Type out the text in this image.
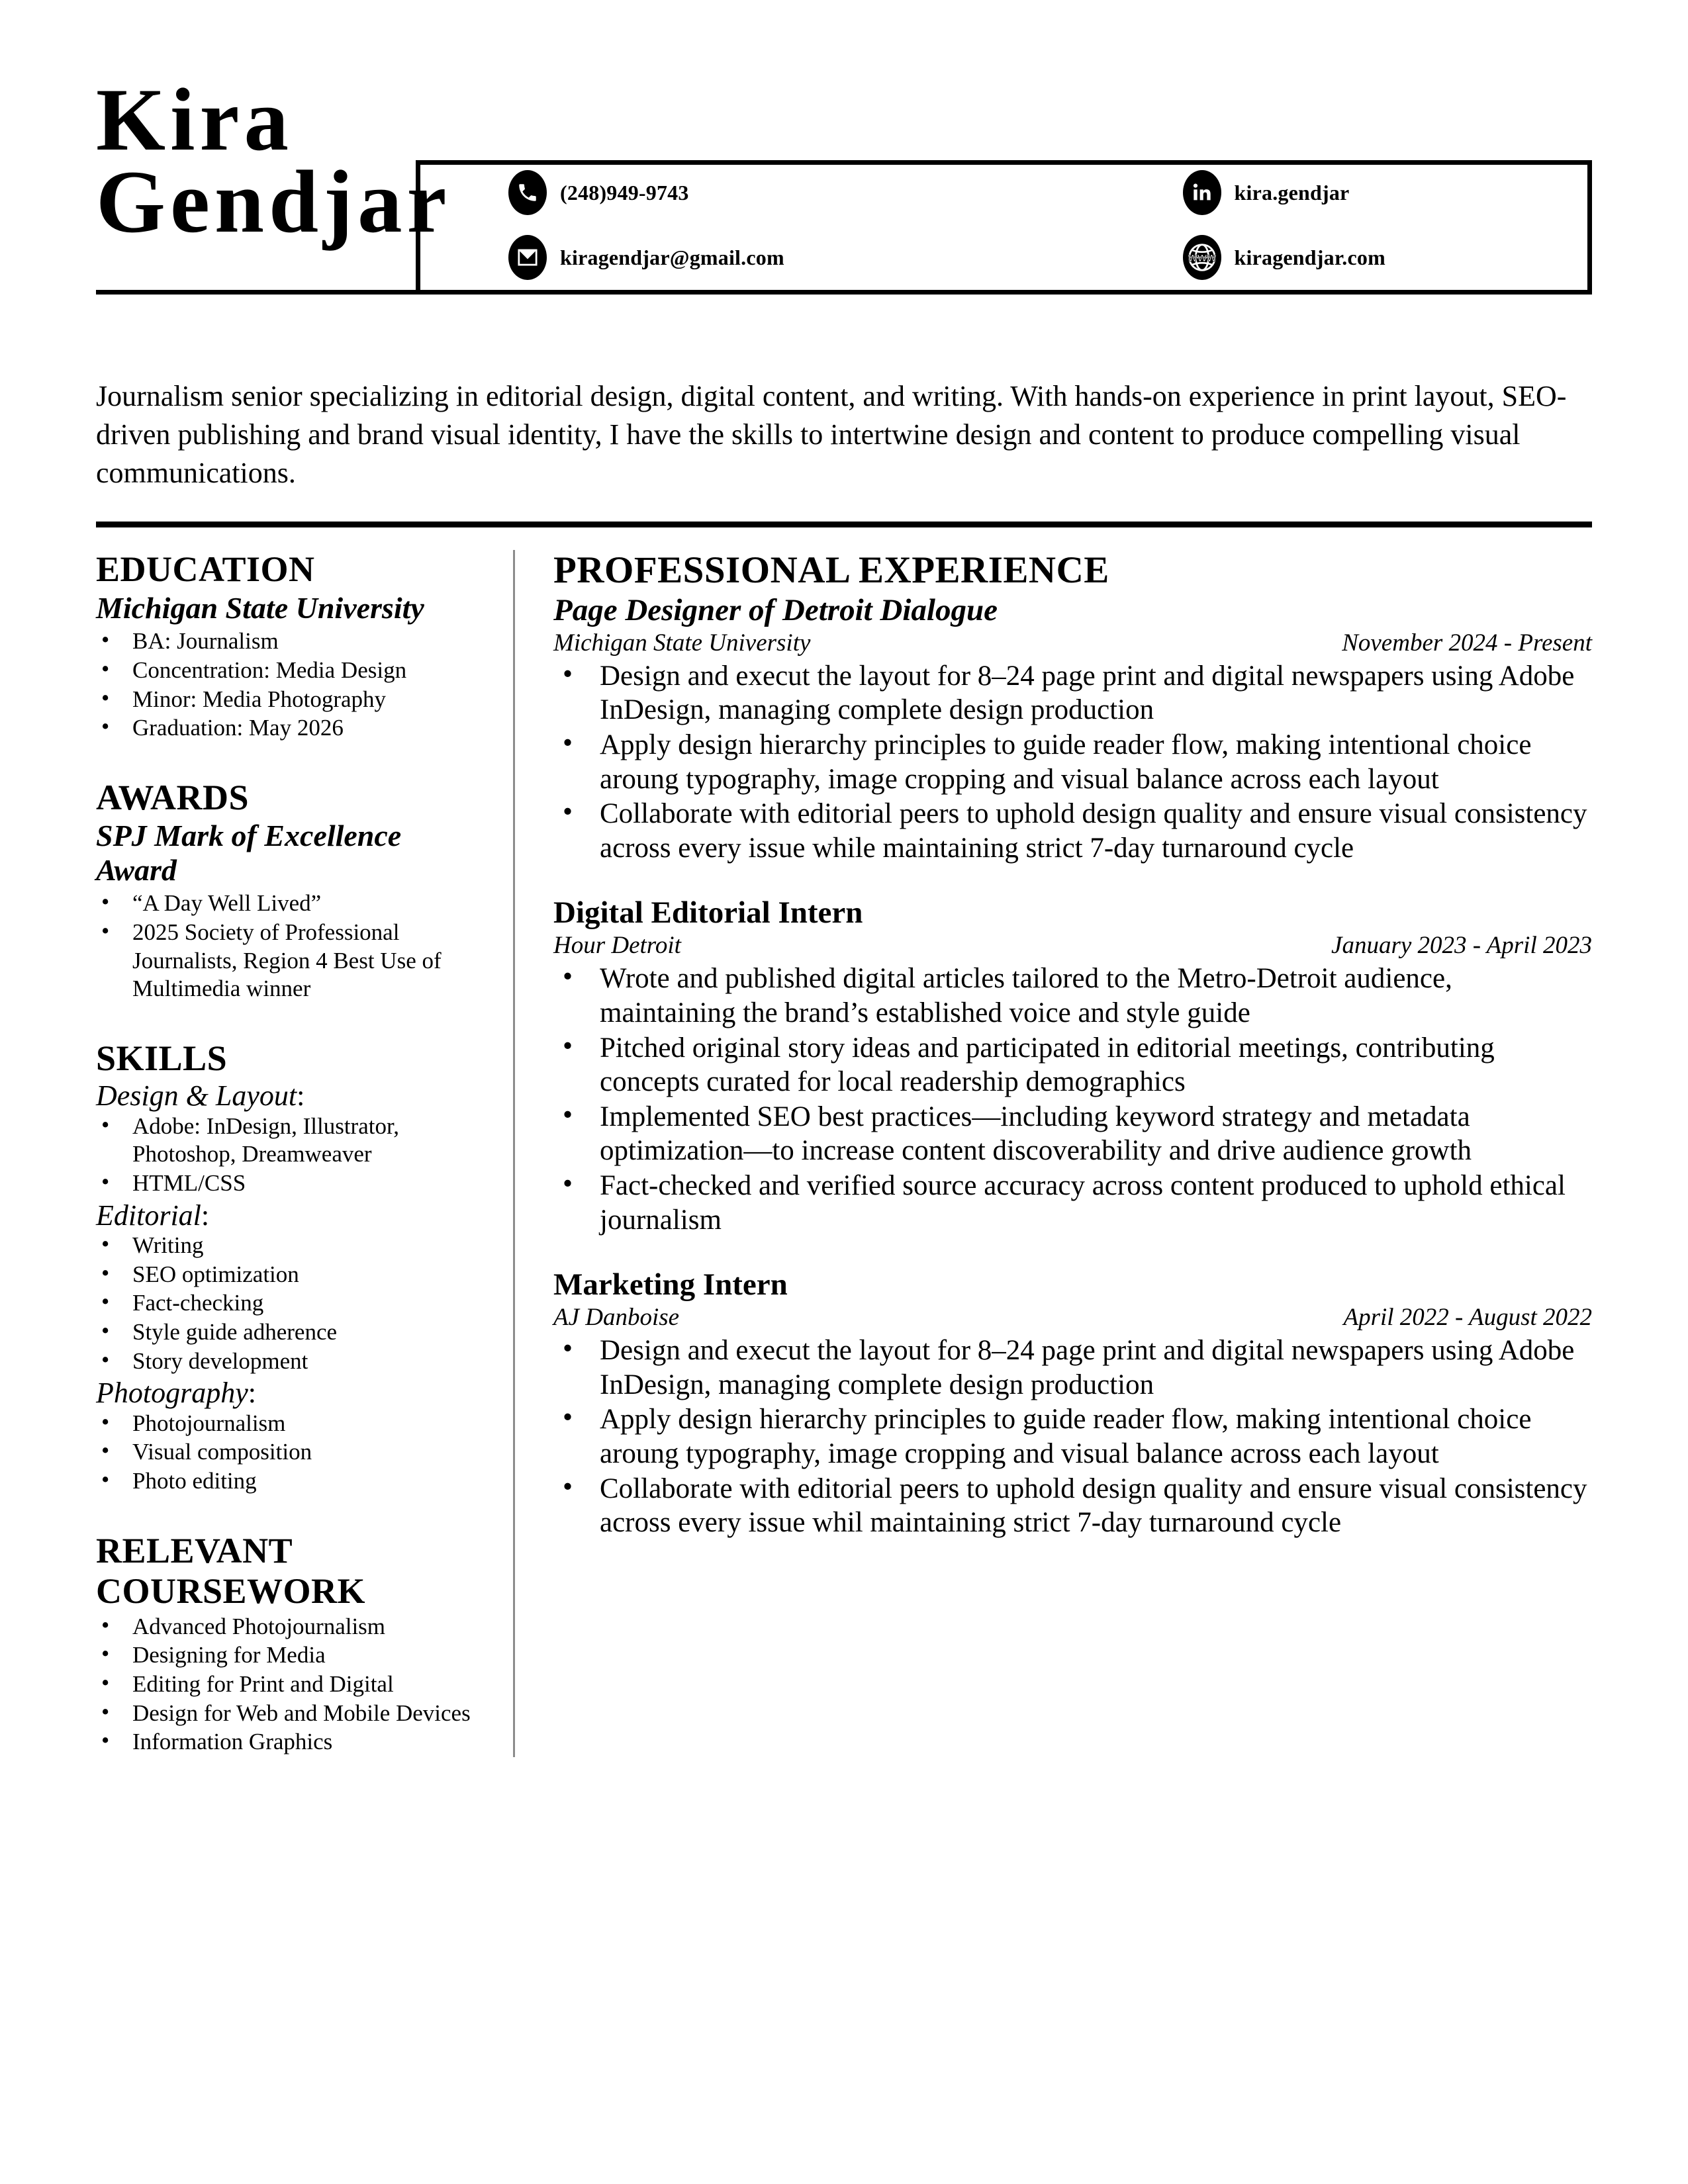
Kira
Gendjar	(248)949-9743	kira.gendjar
kiragendjar@gmail.com	WWW kiragendjar.com

Journalism senior specializing in editorial design, digital content, and writing. With hands-on experience in print layout, SEO-driven publishing and brand visual identity, I have the skills to intertwine design and content to produce compelling visual communications.

EDUCATION
Michigan State University
• BA: Journalism
• Concentration: Media Design
• Minor: Media Photography
• Graduation: May 2026
AWARDS
SPJ Mark of Excellence Award
• “A Day Well Lived”
• 2025 Society of Professional Journalists, Region 4 Best Use of Multimedia winner
SKILLS
Design & Layout:
• Adobe: InDesign, Illustrator, Photoshop, Dreamweaver
• HTML/CSS
Editorial:
• Writing
• SEO optimization
• Fact-checking
• Style guide adherence
• Story development
Photography:
• Photojournalism
• Visual composition
• Photo editing
RELEVANT
COURSEWORK
• Advanced Photojournalism
• Designing for Media
• Editing for Print and Digital
• Design for Web and Mobile Devices
• Information Graphics
PROFESSIONAL EXPERIENCE
Page Designer of Detroit Dialogue
Michigan State University	November 2024 - Present
• Design and execut the layout for 8–24 page print and digital newspapers using Adobe InDesign, managing complete design production
• Apply design hierarchy principles to guide reader flow, making intentional choice aroung typography, image cropping and visual balance across each layout
• Collaborate with editorial peers to uphold design quality and ensure visual consistency across every issue while maintaining strict 7-day turnaround cycle
Digital Editorial Intern
Hour Detroit	January 2023 - April 2023
• Wrote and published digital articles tailored to the Metro-Detroit audience, maintaining the brand’s established voice and style guide
• Pitched original story ideas and participated in editorial meetings, contributing concepts curated for local readership demographics
• Implemented SEO best practices—including keyword strategy and metadata optimization—to increase content discoverability and drive audience growth
• Fact-checked and verified source accuracy across content produced to uphold ethical journalism
Marketing Intern
AJ Danboise	April 2022 - August 2022
• Design and execut the layout for 8–24 page print and digital newspapers using Adobe InDesign, managing complete design production
• Apply design hierarchy principles to guide reader flow, making intentional choice aroung typography, image cropping and visual balance across each layout
• Collaborate with editorial peers to uphold design quality and ensure visual consistency across every issue whil maintaining strict 7-day turnaround cycle
